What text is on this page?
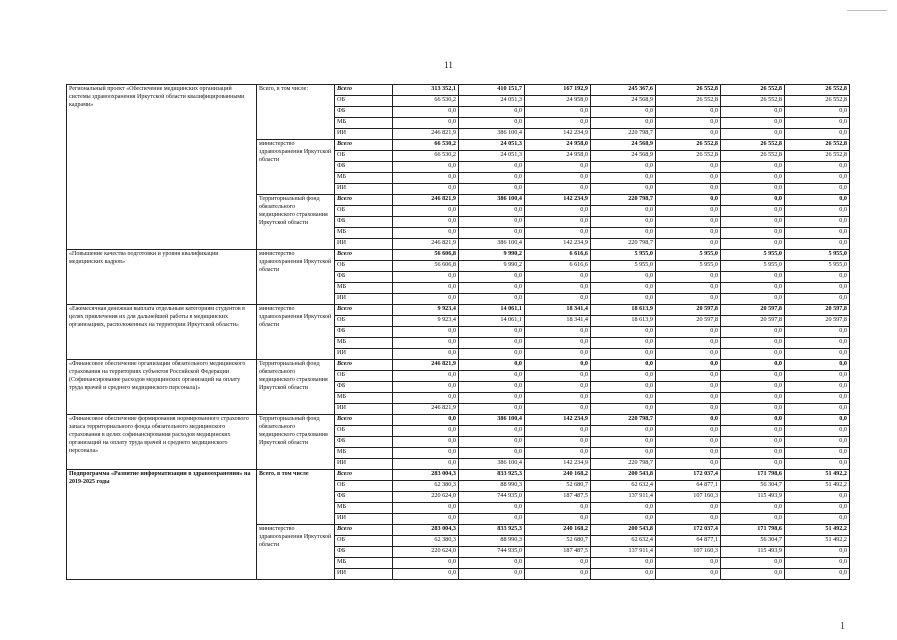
11
Региональный проект «Обеспечение медицинских организаций системы здравоохранения Иркутской области квалифицированными кадрами»	Всего, в том числе:	Всего	313 352,1	410 151,7	167 192,9	245 367,6	26 552,8	26 552,8	26 552,8
		ОБ	66 530,2	24 051,3	24 958,0	24 568,9	26 552,8	26 552,8	26 552,8
		ФБ	0,0	0,0	0,0	0,0	0,0	0,0	0,0
		МБ	0,0	0,0	0,0	0,0	0,0	0,0	0,0
		ИИ	246 821,9	386 100,4	142 234,9	220 798,7	0,0	0,0	0,0
	министерство здравоохранения Иркутской области	Всего	66 530,2	24 051,3	24 958,0	24 568,9	26 552,8	26 552,8	26 552,8
		ОБ	66 530,2	24 051,3	24 958,0	24 568,9	26 552,8	26 552,8	26 552,8
		ФБ	0,0	0,0	0,0	0,0	0,0	0,0	0,0
		МБ	0,0	0,0	0,0	0,0	0,0	0,0	0,0
		ИИ	0,0	0,0	0,0	0,0	0,0	0,0	0,0
	Территориальный фонд обязательного медицинского страхования Иркутской области	Всего	246 821,9	386 100,4	142 234,9	220 798,7	0,0	0,0	0,0
		ОБ	0,0	0,0	0,0	0,0	0,0	0,0	0,0
		ФБ	0,0	0,0	0,0	0,0	0,0	0,0	0,0
		МБ	0,0	0,0	0,0	0,0	0,0	0,0	0,0
		ИИ	246 821,9	386 100,4	142 234,9	220 798,7	0,0	0,0	0,0
«Повышение качества подготовки и уровня квалификации медицинских кадров»	министерство здравоохранения Иркутской области	Всего	56 606,8	9 990,2	6 616,6	5 955,0	5 955,0	5 955,0	5 955,0
		ОБ	56 606,8	9 990,2	6 616,6	5 955,0	5 955,0	5 955,0	5 955,0
		ФБ	0,0	0,0	0,0	0,0	0,0	0,0	0,0
		МБ	0,0	0,0	0,0	0,0	0,0	0,0	0,0
		ИИ	0,0	0,0	0,0	0,0	0,0	0,0	0,0
«Ежемесячная денежная выплата отдельным категориям студентов в целях привлечения их для дальнейшей работы в медицинских организациях, расположенных на территории Иркутской области»	министерство здравоохранения Иркутской области	Всего	9 923,4	14 061,1	18 341,4	18 613,9	20 597,8	20 597,8	20 597,8
		ОБ	9 923,4	14 061,1	18 341,4	18 613,9	20 597,8	20 597,8	20 597,8
		ФБ	0,0	0,0	0,0	0,0	0,0	0,0	0,0
		МБ	0,0	0,0	0,0	0,0	0,0	0,0	0,0
		ИИ	0,0	0,0	0,0	0,0	0,0	0,0	0,0
«Финансовое обеспечение организации обязательного медицинского страхования на территориях субъектов Российской Федерации (Софинансирование расходов медицинских организаций на оплату труда врачей и среднего медицинского персонала)»	Территориальный фонд обязательного медицинского страхования Иркутской области	Всего	246 821,9	0,0	0,0	0,0	0,0	0,0	0,0
		ОБ	0,0	0,0	0,0	0,0	0,0	0,0	0,0
		ФБ	0,0	0,0	0,0	0,0	0,0	0,0	0,0
		МБ	0,0	0,0	0,0	0,0	0,0	0,0	0,0
		ИИ	246 821,9	0,0	0,0	0,0	0,0	0,0	0,0
«Финансовое обеспечение формирования нормированного страхового запаса территориального фонда обязательного медицинского страхования в целях софинансирования расходов медицинских организаций на оплату труда врачей и среднего медицинского персонала»	Территориальный фонд обязательного медицинского страхования Иркутской области	Всего	0,0	386 100,4	142 234,9	220 798,7	0,0	0,0	0,0
		ОБ	0,0	0,0	0,0	0,0	0,0	0,0	0,0
		ФБ	0,0	0,0	0,0	0,0	0,0	0,0	0,0
		МБ	0,0	0,0	0,0	0,0	0,0	0,0	0,0
		ИИ	0,0	386 100,4	142 234,9	220 798,7	0,0	0,0	0,0
Подпрограмма «Развитие информатизации в здравоохранении» на 2019-2025 годы	Всего, в том числе	Всего	283 004,3	833 925,3	240 168,2	200 543,8	172 037,4	171 798,6	51 492,2
		ОБ	62 380,3	88 990,3	52 680,7	62 632,4	64 877,1	56 304,7	51 492,2
		ФБ	220 624,0	744 935,0	187 487,5	137 911,4	107 160,3	115 493,9	0,0
		МБ	0,0	0,0	0,0	0,0	0,0	0,0	0,0
		ИИ	0,0	0,0	0,0	0,0	0,0	0,0	0,0
	министерство здравоохранения Иркутской области	Всего	283 004,3	833 925,3	240 168,2	200 543,8	172 037,4	171 798,6	51 492,2
		ОБ	62 380,3	88 990,3	52 680,7	62 632,4	64 877,1	56 304,7	51 492,2
		ФБ	220 624,0	744 935,0	187 487,5	137 911,4	107 160,3	115 493,9	0,0
		МБ	0,0	0,0	0,0	0,0	0,0	0,0	0,0
		ИИ	0,0	0,0	0,0	0,0	0,0	0,0	0,0
1
